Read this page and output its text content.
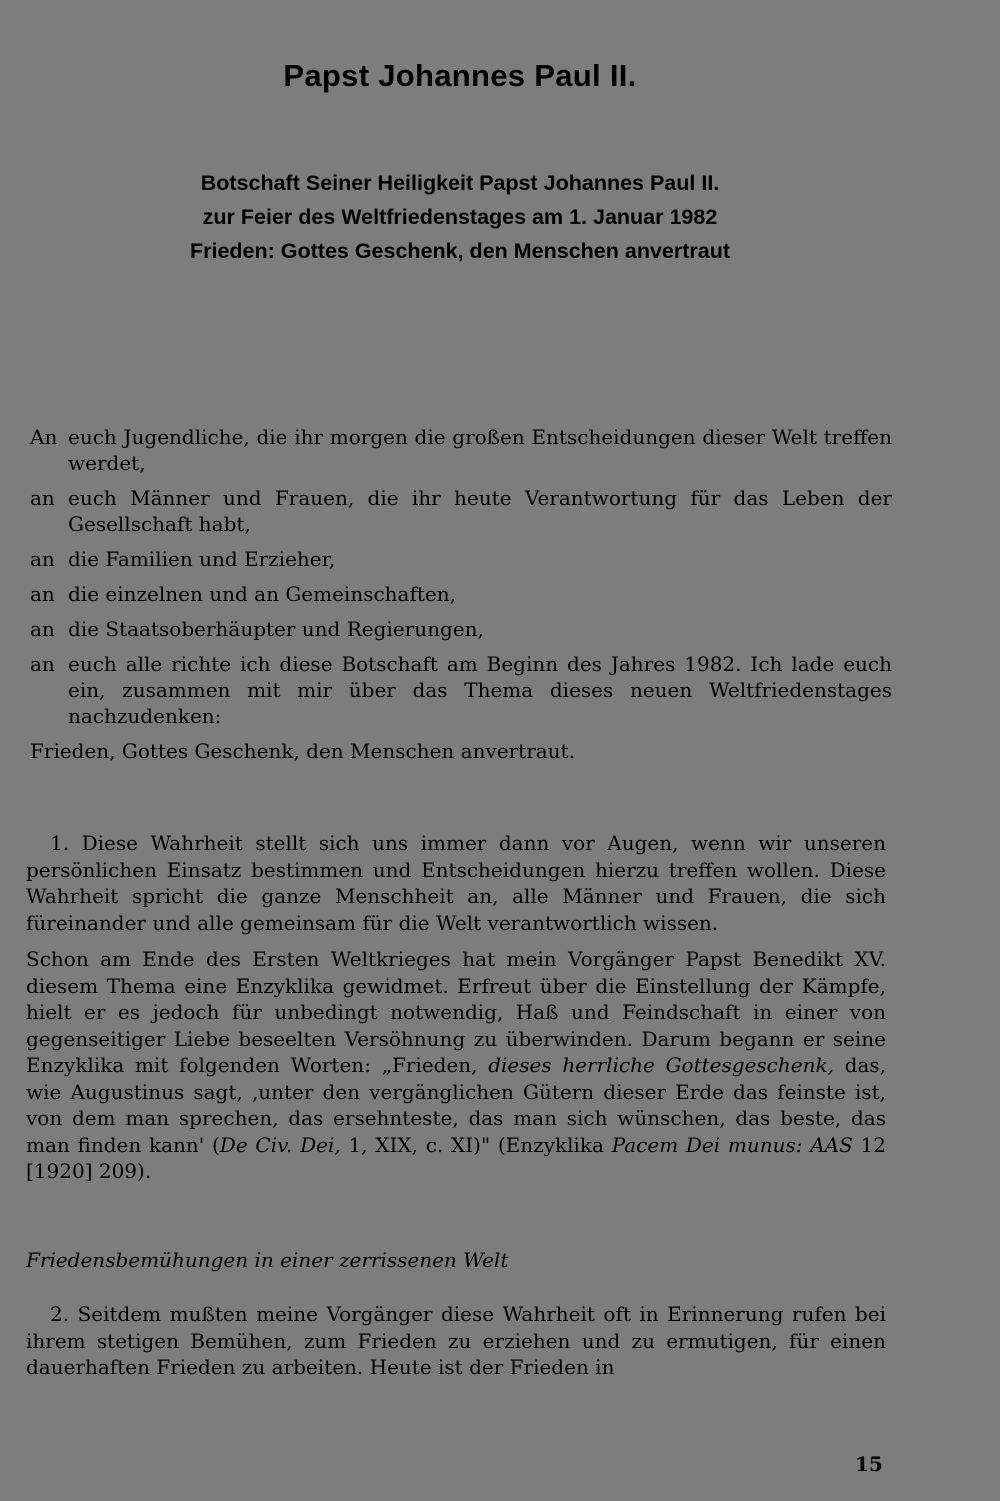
Papst Johannes Paul II.
Botschaft Seiner Heiligkeit Papst Johannes Paul II.
zur Feier des Weltfriedenstages am 1. Januar 1982
Frieden: Gottes Geschenk, den Menschen anvertraut
An euch Jugendliche, die ihr morgen die großen Entscheidungen dieser Welt treffen werdet,
an euch Männer und Frauen, die ihr heute Verantwortung für das Leben der Gesellschaft habt,
an die Familien und Erzieher,
an die einzelnen und an Gemeinschaften,
an die Staatsoberhäupter und Regierungen,
an euch alle richte ich diese Botschaft am Beginn des Jahres 1982. Ich lade euch ein, zusammen mit mir über das Thema dieses neuen Weltfriedenstages nachzudenken:
Frieden, Gottes Geschenk, den Menschen anvertraut.

1. Diese Wahrheit stellt sich uns immer dann vor Augen, wenn wir unseren persönlichen Einsatz bestimmen und Entscheidungen hierzu treffen wollen. Diese Wahrheit spricht die ganze Menschheit an, alle Männer und Frauen, die sich füreinander und alle gemeinsam für die Welt verantwortlich wissen.

Schon am Ende des Ersten Weltkrieges hat mein Vorgänger Papst Benedikt XV. diesem Thema eine Enzyklika gewidmet. Erfreut über die Einstellung der Kämpfe, hielt er es jedoch für unbedingt notwendig, Haß und Feindschaft in einer von gegenseitiger Liebe beseelten Versöhnung zu überwinden. Darum begann er seine Enzyklika mit folgenden Worten: „Frieden, dieses herrliche Gottesgeschenk, das, wie Augustinus sagt, ‚unter den vergänglichen Gütern dieser Erde das feinste ist, von dem man sprechen, das ersehnteste, das man sich wünschen, das beste, das man finden kann' (De Civ. Dei, 1, XIX, c. XI)" (Enzyklika Pacem Dei munus: AAS 12 [1920] 209).

Friedensbemühungen in einer zerrissenen Welt

2. Seitdem mußten meine Vorgänger diese Wahrheit oft in Erinnerung rufen bei ihrem stetigen Bemühen, zum Frieden zu erziehen und zu ermutigen, für einen dauerhaften Frieden zu arbeiten. Heute ist der Frieden in

15
